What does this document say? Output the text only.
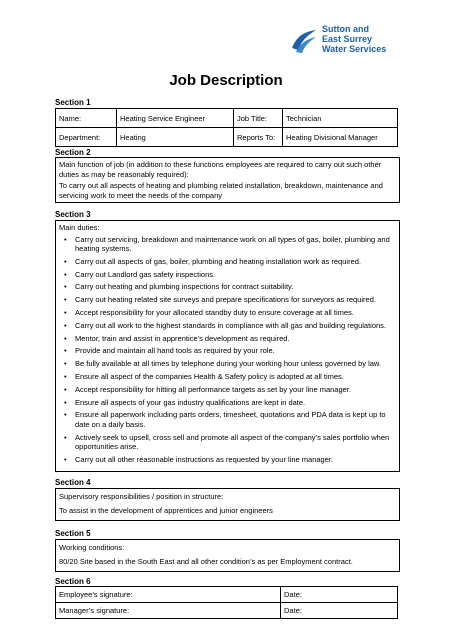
Sutton and
East Surrey
Water Services
Job Description
Section 1
Name:	Heating Service Engineer	Job Title:	Technician
Department:	Heating	Reports To:	Heating Divisional Manager
Section 2

Main function of job (in addition to these functions employees are required to carry out such other duties as may be reasonably required):

To carry out all aspects of heating and plumbing related installation, breakdown, maintenance and servicing work to meet the needs of the company

Section 3

Main duties:

• Carry out servicing, breakdown and maintenance work on all types of gas, boiler, plumbing and heating systems.
• Carry out all aspects of gas, boiler, plumbing and heating installation work as required.
• Carry out Landlord gas safety inspections.
• Carry out heating and plumbing inspections for contract suitability.
• Carry out heating related site surveys and prepare specifications for surveyors as required.
• Accept responsibility for your allocated standby duty to ensure coverage at all times.
• Carry out all work to the highest standards in compliance with all gas and building regulations.
• Mentor, train and assist in apprentice’s development as required.
• Provide and maintain all hand tools as required by your role.
• Be fully available at all times by telephone during your working hour unless governed by law.
• Ensure all aspect of the companies Health & Safety policy is adopted at all times.
• Accept responsibility for hitting all performance targets as set by your line manager.
• Ensure all aspects of your gas industry qualifications are kept in date.
• Ensure all paperwork including parts orders, timesheet, quotations and PDA data is kept up to date on a daily basis.
• Actively seek to upsell, cross sell and promote all aspect of the company’s sales portfolio when opportunities arise.
• Carry out all other reasonable instructions as requested by your line manager.
Section 4

Supervisory responsibilities / position in structure:

To assist in the development of apprentices and junior engineers

Section 5

Working conditions:

80/20 Site based in the South East and all other condition’s as per Employment contract.

Section 6
Employee’s signature:	Date:
Manager’s signature:	Date:
